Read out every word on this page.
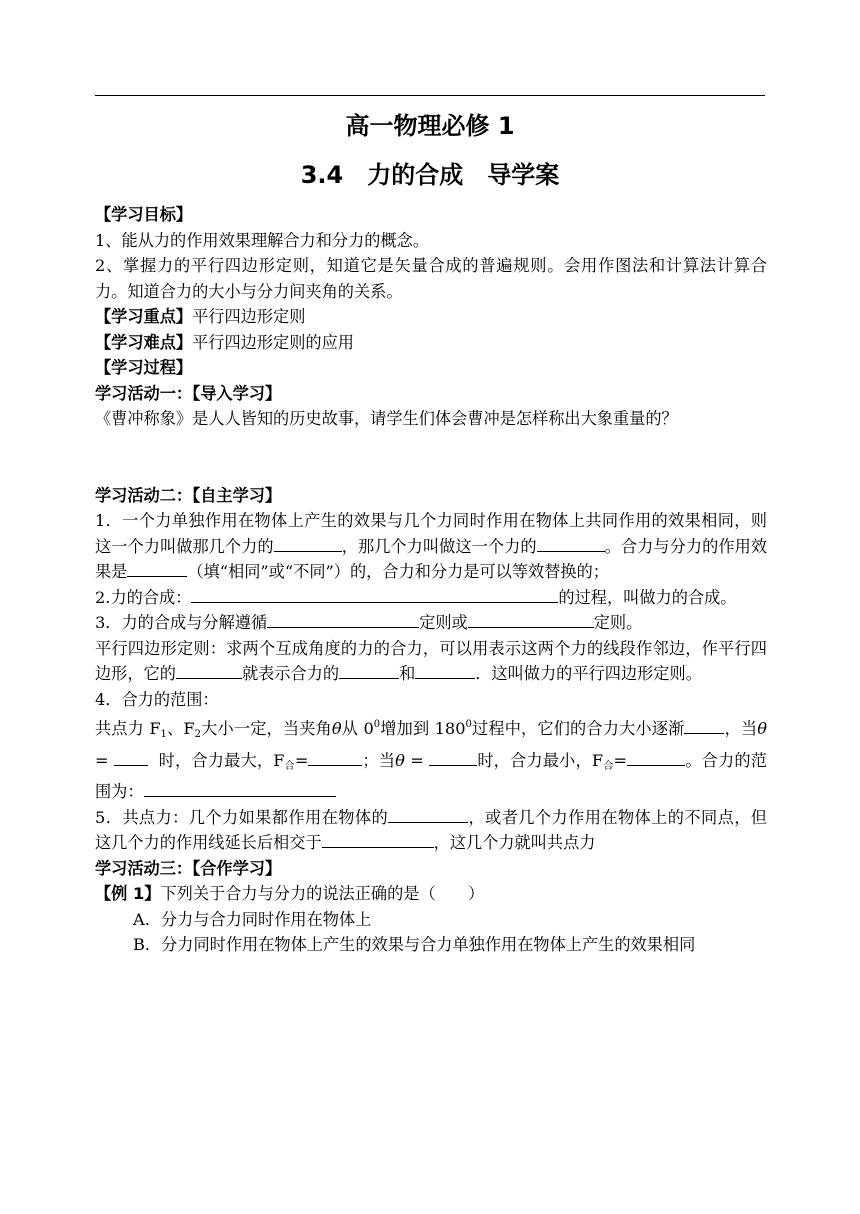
高一物理必修 1
3.4　力的合成　导学案

【学习目标】

1、能从力的作用效果理解合力和分力的概念。

2、掌握力的平行四边形定则，知道它是矢量合成的普遍规则。会用作图法和计算法计算合力。知道合力的大小与分力间夹角的关系。

【学习重点】平行四边形定则

【学习难点】平行四边形定则的应用

【学习过程】

学习活动一：【导入学习】

《曹冲称象》是人人皆知的历史故事，请学生们体会曹冲是怎样称出大象重量的？

学习活动二：【自主学习】

1．一个力单独作用在物体上产生的效果与几个力同时作用在物体上共同作用的效果相同，则这一个力叫做那几个力的	，那几个力叫做这一个力的	。合力与分力的作用效果是	（填“相同”或“不同”）的，合力和分力是可以等效替换的；

2.力的合成：	的过程，叫做力的合成。

3．力的合成与分解遵循	定则或	定则。

平行四边形定则：求两个互成角度的力的合力，可以用表示这两个力的线段作邻边，作平行四边形，它的	就表示合力的	和	．这叫做力的平行四边形定则。

4．合力的范围：

共点力 $F_1$、$F_2$大小一定，当夹角θ从 $0^0$增加到 $180^0$过程中，它们的合力大小逐渐 ，当θ =	时，合力最大，$F_合=$	；当θ =	时，合力最小，$F_合=$	。合力的范围为：

5．共点力：几个力如果都作用在物体的	，或者几个力作用在物体上的不同点，但这几个力的作用线延长后相交于	，这几个力就叫共点力

学习活动三：【合作学习】

【例 1】下列关于合力与分力的说法正确的是（　　）

A．分力与合力同时作用在物体上

B．分力同时作用在物体上产生的效果与合力单独作用在物体上产生的效果相同
